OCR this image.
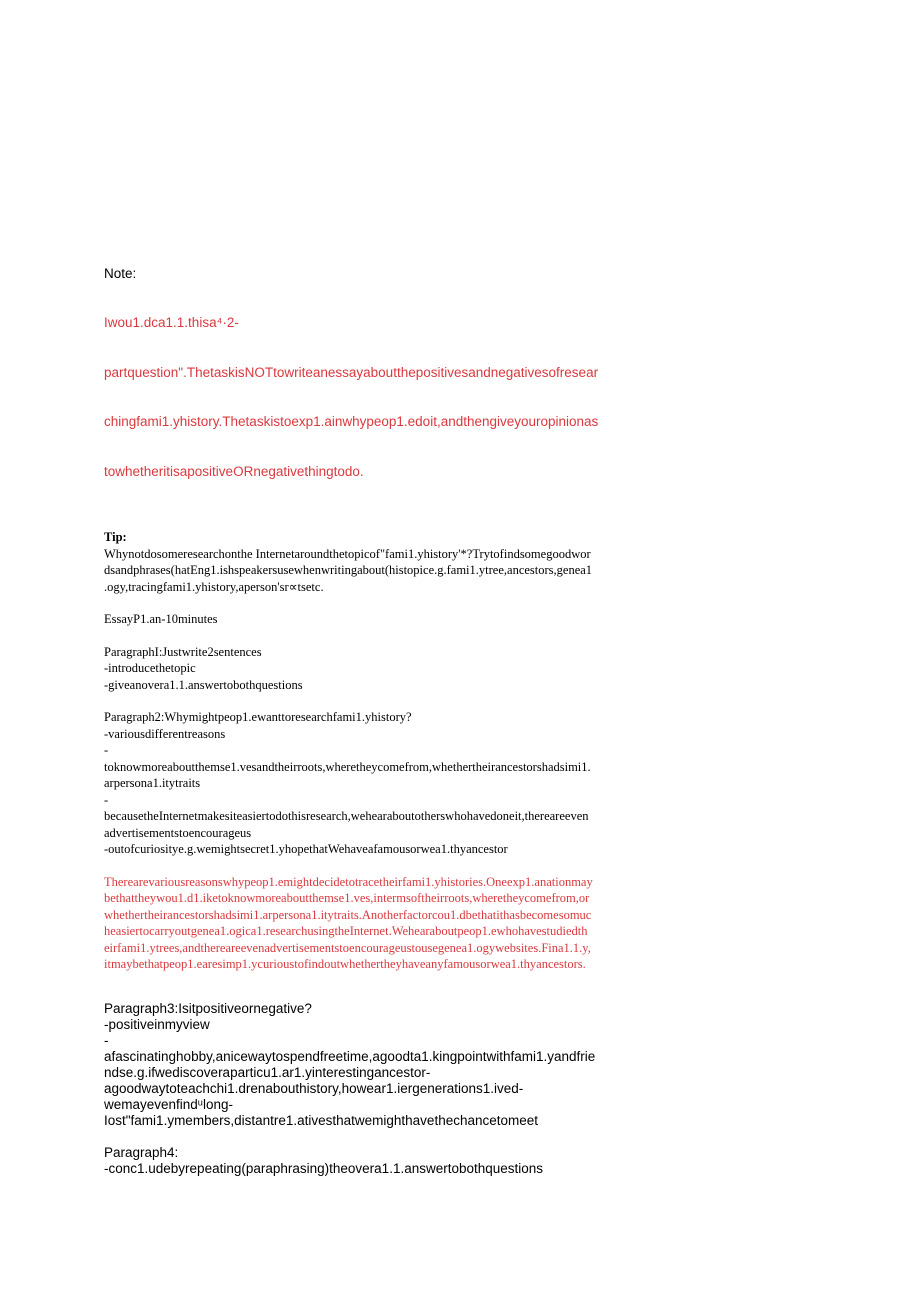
Note:

Iwou1.dca1.1.thisa⁴·2-

partquestion".ThetaskisNOTtowriteanessayaboutthepositivesandnegativesofresear

chingfami1.yhistory.Thetaskistoexp1.ainwhypeop1.edoit,andthengiveyouropinionas

towhetheritisapositiveORnegativethingtodo.

Tip:
Whynotdosomeresearchonthe Internetaroundthetopicof"fami1.yhistory'*?Trytofindsomegoodwor
dsandphrases(hatEng1.ishspeakersusewhenwritingabout(histopice.g.fami1.ytree,ancestors,genea1
.ogy,tracingfami1.yhistory,aperson'sr∝tsetc.
EssayP1.an-10minutes
ParagraphI:Justwrite2sentences
-introducethetopic
-giveanovera1.1.answertobothquestions
Paragraph2:Whymightpeop1.ewanttoresearchfami1.yhistory?
-variousdifferentreasons
-
toknowmoreaboutthemse1.vesandtheirroots,wheretheycomefrom,whethertheirancestorshadsimi1.
arpersona1.itytraits
-
becausetheInternetmakesiteasiertodothisresearch,wehearaboutotherswhohavedoneit,thereareeven
advertisementstoencourageus
-outofcuriosityе.g.wemightsecret1.yhopethatWehaveafamousorwea1.thyancestor
Therearevariousreasonswhypeop1.emightdecidetotracetheirfami1.yhistories.Oneexp1.anationmay
bethattheywou1.d1.iketoknowmoreaboutthemse1.ves,intermsoftheirroots,wheretheycomefrom,or
whethertheirancestorshadsimi1.arpersona1.itytraits.Anotherfactorcou1.dbethatithasbecomesomuc
heasiertocarryoutgenea1.ogica1.researchusingtheInternet.Wehearaboutpeop1.ewhohavestudiedth
eirfami1.ytrees,andthereareevenadvertisementstoencourageustousegenea1.ogywebsites.Fina1.1.y,
itmaybethatpeop1.earesimp1.ycurioustofindoutwhethertheyhaveanyfamousorwea1.thyancestors.
Paragraph3:Isitpositiveornegative?
-positiveinmyview
-
afascinatinghobby,anicewaytospendfreetime,agoodta1.kingpointwithfami1.yandfrie
ndse.g.ifwediscoveraparticu1.ar1.yinterestingancestor-
agoodwaytoteachchi1.drenabouthistory,howear1.iergenerations1.ived-
wemayevenfindᵘlong-
Iost"fami1.ymembers,distantre1.ativesthatwemighthavethechancetomeet
Paragraph4:
-conc1.udebyrepeating(paraphrasing)theovera1.1.answertobothquestions
